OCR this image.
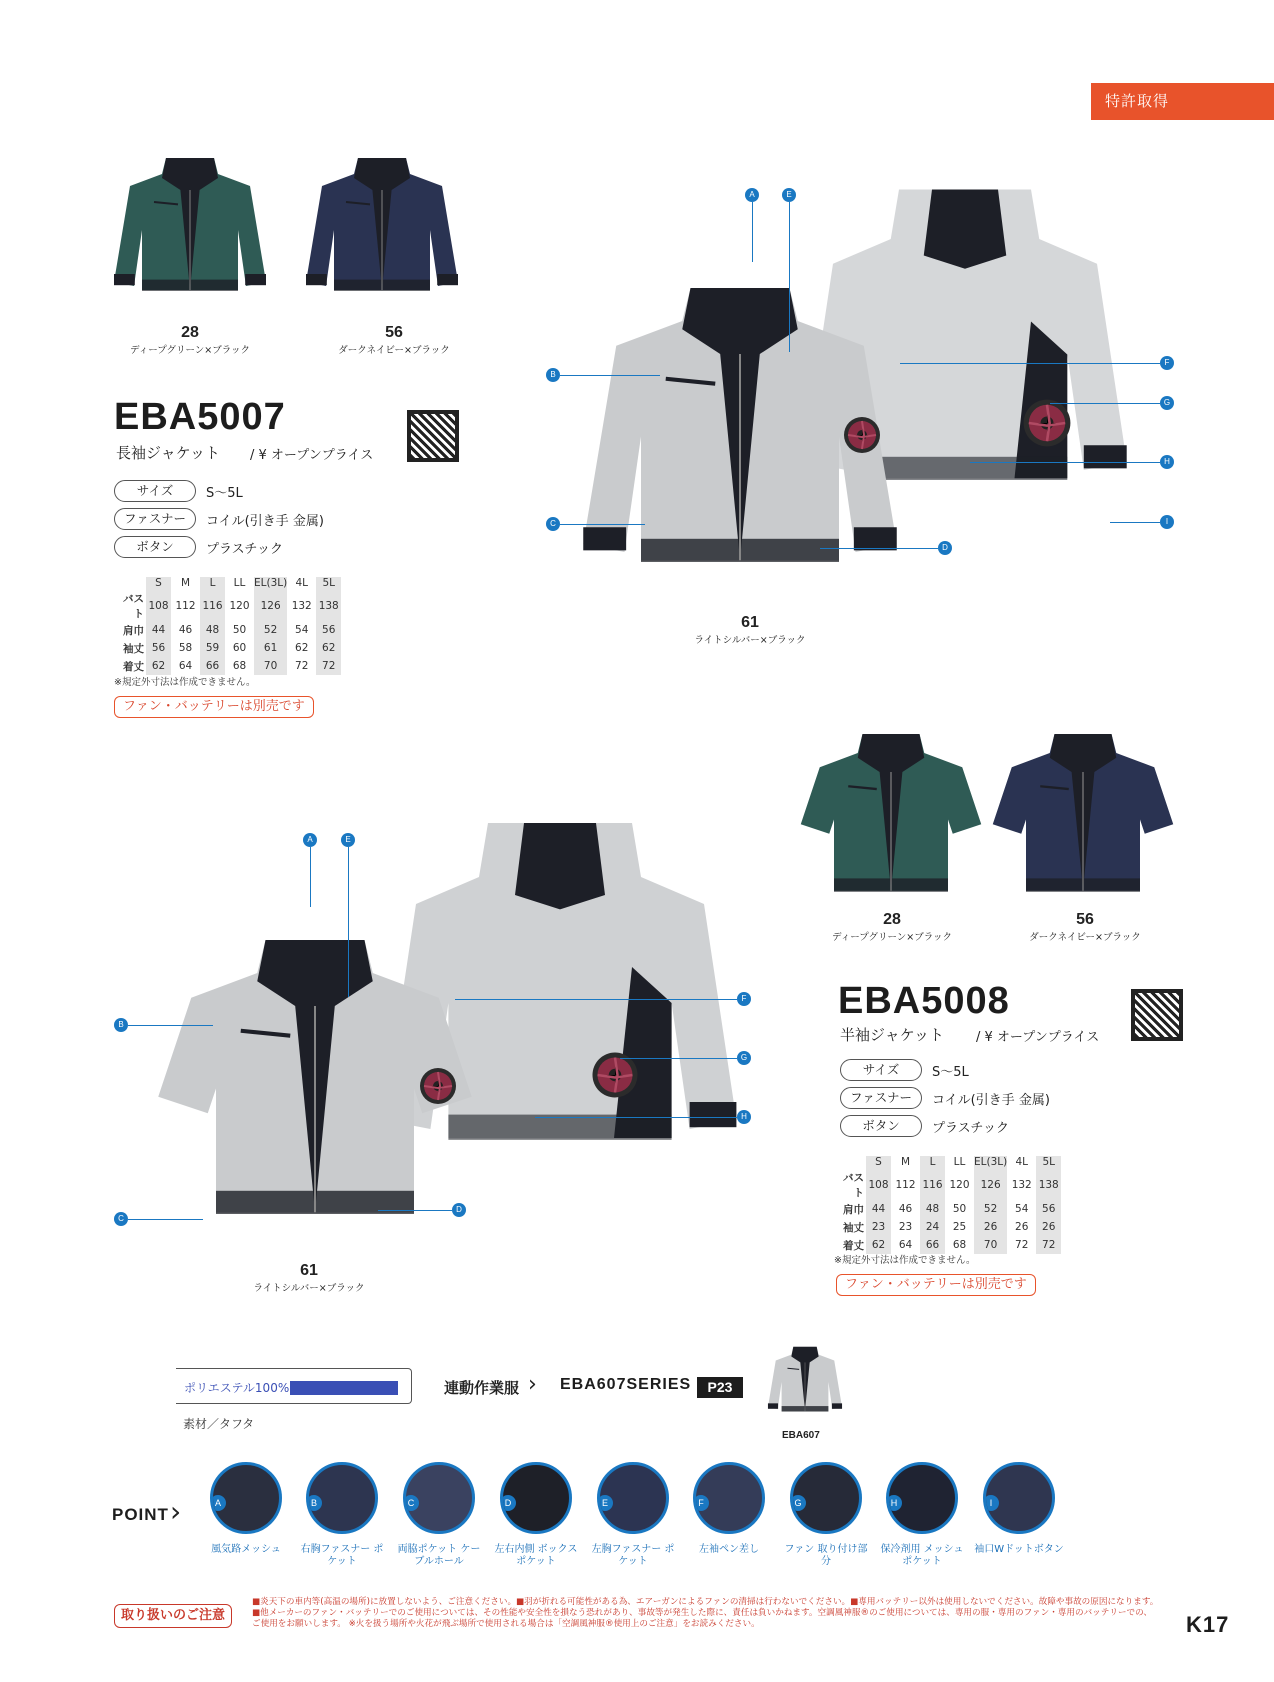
特許取得
28
ディープグリーン×ブラック
56
ダークネイビー×ブラック
61
ライトシルバー×ブラック
A	E
B
C
D
F
G
H
I
EBA5007
長袖ジャケット / ¥ オープンプライス
サイズ	S〜5L
ファスナー	コイル(引き手 金属)
ボタン	プラスチック
	S	M	L	LL	EL(3L)	4L	5L
バスト	108	112	116	120	126	132	138
肩巾	44	46	48	50	52	54	56
袖丈	56	58	59	60	61	62	62
着丈	62	64	66	68	70	72	72
※規定外寸法は作成できません。
ファン・バッテリーは別売です
28
ディープグリーン×ブラック
56
ダークネイビー×ブラック
61
ライトシルバー×ブラック
A	E
B
C
D
F
G
H
EBA5008
半袖ジャケット / ¥ オープンプライス
サイズ	S〜5L
ファスナー	コイル(引き手 金属)
ボタン	プラスチック
	S	M	L	LL	EL(3L)	4L	5L
バスト	108	112	116	120	126	132	138
肩巾	44	46	48	50	52	54	56
袖丈	23	23	24	25	26	26	26
着丈	62	64	66	68	70	72	72
※規定外寸法は作成できません。
ファン・バッテリーは別売です
ポリエステル100%
素材／タフタ
連動作業服 › EBA607SERIES	P23
EBA607
POINT ›	A
風気路メッシュ
B
右胸ファスナー ポケット
C
両脇ポケット ケーブルホール
D
左右内側 ボックスポケット
E
左胸ファスナー ポケット
F
左袖ペン差し
G
ファン 取り付け部分
H
保冷剤用 メッシュポケット
I
袖口Wドットボタン
取り扱いのご注意
■炎天下の車内等(高温の場所)に放置しないよう、ご注意ください。■羽が折れる可能性がある為、エアーガンによるファンの清掃は行わないでください。■専用バッテリー以外は使用しないでください。故障や事故の原因になります。■他メーカーのファン・バッテリーでのご使用については、その性能や安全性を損なう恐れがあり、事故等が発生した際に、責任は負いかねます。空調風神服®のご使用については、専用の服・専用のファン・専用のバッテリーでの、ご使用をお願いします。 ※火を扱う場所や火花が飛ぶ場所で使用される場合は「空調風神服®使用上のご注意」をお読みください。	K17
